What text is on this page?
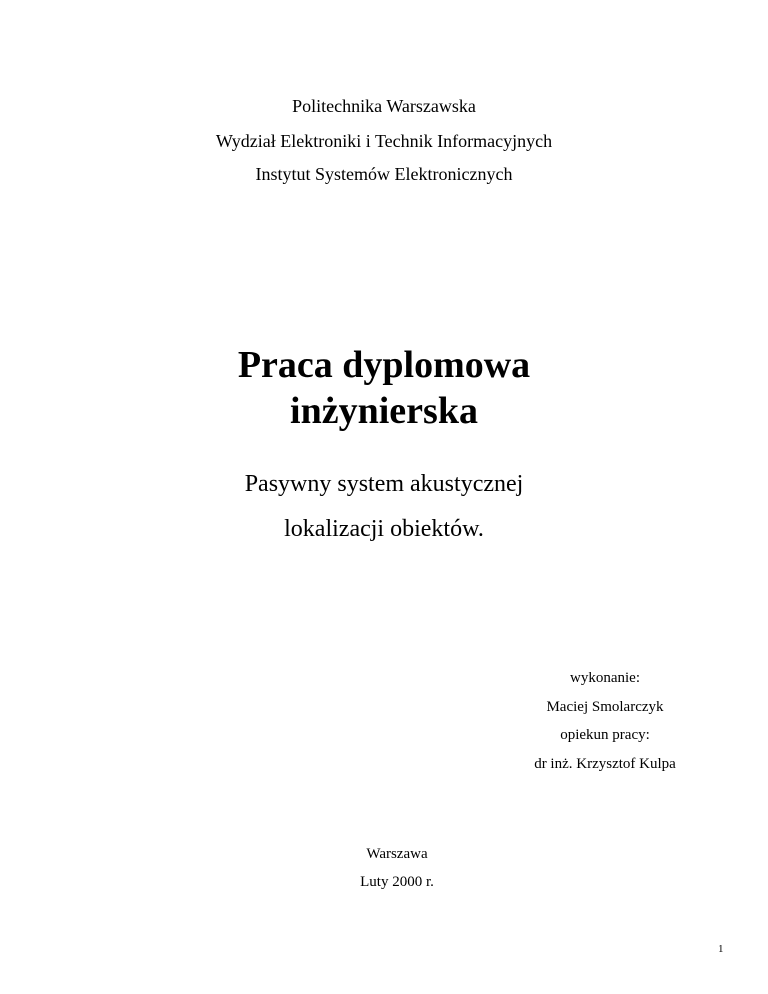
Politechnika Warszawska
Wydział Elektroniki i Technik Informacyjnych
Instytut Systemów Elektronicznych
Praca dyplomowa
inżynierska
Pasywny system akustycznej
lokalizacji obiektów.
wykonanie:
Maciej Smolarczyk
opiekun pracy:
dr inż. Krzysztof Kulpa
Warszawa
Luty 2000 r.
1
